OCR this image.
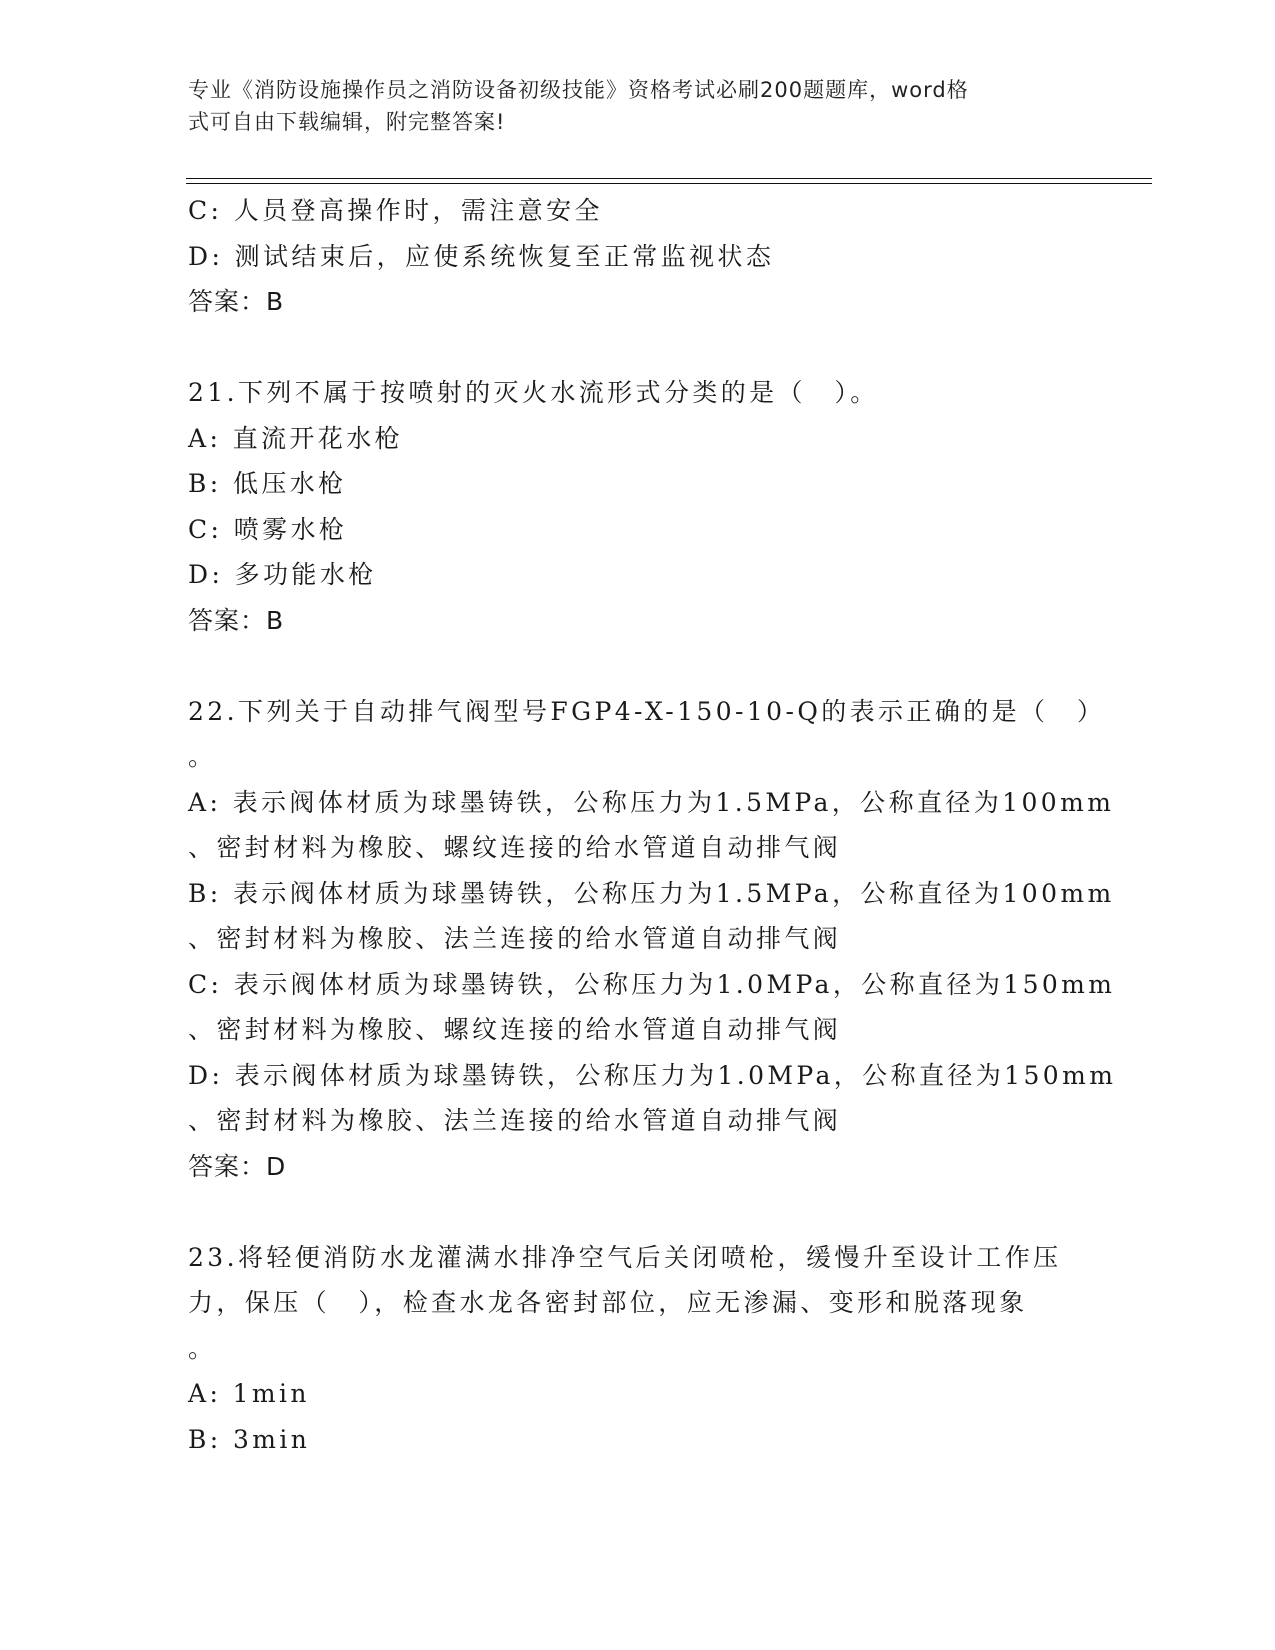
专业《消防设施操作员之消防设备初级技能》资格考试必刷200题题库，word格
式可自由下载编辑，附完整答案!
C: 人员登高操作时，需注意安全
D: 测试结束后，应使系统恢复至正常监视状态
答案：B
21.下列不属于按喷射的灭火水流形式分类的是（　）。
A: 直流开花水枪
B: 低压水枪
C: 喷雾水枪
D: 多功能水枪
答案：B
22.下列关于自动排气阀型号FGP4-X-150-10-Q的表示正确的是（　）
。
A: 表示阀体材质为球墨铸铁，公称压力为1.5MPa，公称直径为100mm
、密封材料为橡胶、螺纹连接的给水管道自动排气阀
B: 表示阀体材质为球墨铸铁，公称压力为1.5MPa，公称直径为100mm
、密封材料为橡胶、法兰连接的给水管道自动排气阀
C: 表示阀体材质为球墨铸铁，公称压力为1.0MPa，公称直径为150mm
、密封材料为橡胶、螺纹连接的给水管道自动排气阀
D: 表示阀体材质为球墨铸铁，公称压力为1.0MPa，公称直径为150mm
、密封材料为橡胶、法兰连接的给水管道自动排气阀
答案：D
23.将轻便消防水龙灌满水排净空气后关闭喷枪，缓慢升至设计工作压
力，保压（　），检查水龙各密封部位，应无渗漏、变形和脱落现象
。
A: 1min
B: 3min
